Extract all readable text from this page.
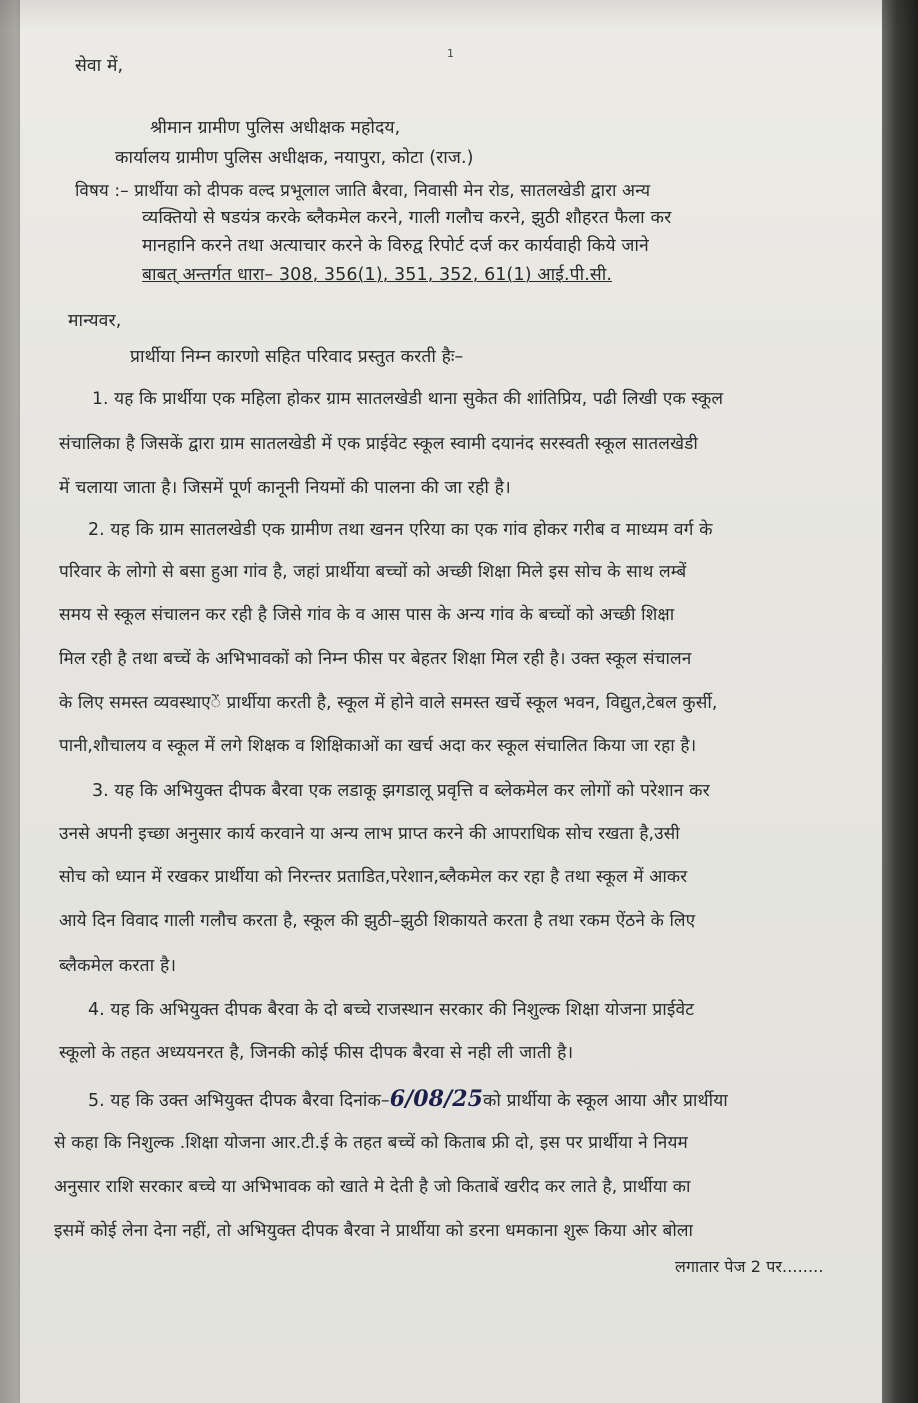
1

सेवा में,

श्रीमान ग्रामीण पुलिस अधीक्षक महोदय,

कार्यालय ग्रामीण पुलिस अधीक्षक, नयापुरा, कोटा (राज.)

विषय :– प्रार्थीया को दीपक वल्द प्रभूलाल जाति बैरवा, निवासी मेन रोड, सातलखेडी द्वारा अन्य

व्यक्तियो से षडयंत्र करके ब्लैकमेल करने, गाली गलौच करने, झुठी शौहरत फैला कर

मानहानि करने तथा अत्याचार करने के विरुद्व रिपोर्ट दर्ज कर कार्यवाही किये जाने

बाबत् अन्तर्गत धारा– 308, 356(1), 351, 352, 61(1) आई.पी.सी.

मान्यवर,

प्रार्थीया निम्न कारणो सहित परिवाद प्रस्तुत करती हैः–

1. यह कि प्रार्थीया एक महिला होकर ग्राम सातलखेडी थाना सुकेत की शांतिप्रिय, पढी लिखी एक स्कूल

संचालिका है जिसकें द्वारा ग्राम सातलखेडी में एक प्राईवेट स्कूल स्वामी दयानंद सरस्वती स्कूल सातलखेडी

में चलाया जाता है। जिसमें पूर्ण कानूनी नियमों की पालना की जा रही है।

2. यह कि ग्राम सातलखेडी एक ग्रामीण तथा खनन एरिया का एक गांव होकर गरीब व माध्यम वर्ग के

परिवार के लोगो से बसा हुआ गांव है, जहां प्रार्थीया बच्चों को अच्छी शिक्षा मिले इस सोच के साथ लम्बें

समय से स्कूल संचालन कर रही है जिसे गांव के व आस पास के अन्य गांव के बच्चों को अच्छी शिक्षा

मिल रही है तथा बच्चें के अभिभावकों को निम्न फीस पर बेहतर शिक्षा मिल रही है। उक्त स्कूल संचालन

के लिए समस्त व्यवस्थाएें प्रार्थीया करती है, स्कूल में होने वाले समस्त खर्चे स्कूल भवन, विद्युत,टेबल कुर्सी,

पानी,शौचालय व स्कूल में लगे शिक्षक व शिक्षिकाओं का खर्च अदा कर स्कूल संचालित किया जा रहा है।

3. यह कि अभियुक्त दीपक बैरवा एक लडाकू झगडालू प्रवृत्ति व ब्लेकमेल कर लोगों को परेशान कर

उनसे अपनी इच्छा अनुसार कार्य करवाने या अन्य लाभ प्राप्त करने की आपराधिक सोच रखता है,उसी

सोच को ध्यान में रखकर प्रार्थीया को निरन्तर प्रताडित,परेशान,ब्लैकमेल कर रहा है तथा स्कूल में आकर

आये दिन विवाद गाली गलौच करता है, स्कूल की झुठी–झुठी शिकायते करता है तथा रकम ऐंठने के लिए

ब्लैकमेल करता है।

4. यह कि अभियुक्त दीपक बैरवा के दो बच्चे राजस्थान सरकार की निशुल्क शिक्षा योजना प्राईवेट

स्कूलो के तहत अध्ययनरत है, जिनकी कोई फीस दीपक बैरवा से नही ली जाती है।

5. यह कि उक्त अभियुक्त दीपक बैरवा दिनांक–6/08/25को प्रार्थीया के स्कूल आया और प्रार्थीया

से कहा कि निशुल्क .शिक्षा योजना आर.टी.ई के तहत बच्चें को किताब फ्री दो, इस पर प्रार्थीया ने नियम

अनुसार राशि सरकार बच्चे या अभिभावक को खाते मे देती है जो किताबें खरीद कर लाते है, प्रार्थीया का

इसमें कोई लेना देना नहीं, तो अभियुक्त दीपक बैरवा ने प्रार्थीया को डरना धमकाना शुरू किया ओर बोला

लगातार पेज 2 पर........
